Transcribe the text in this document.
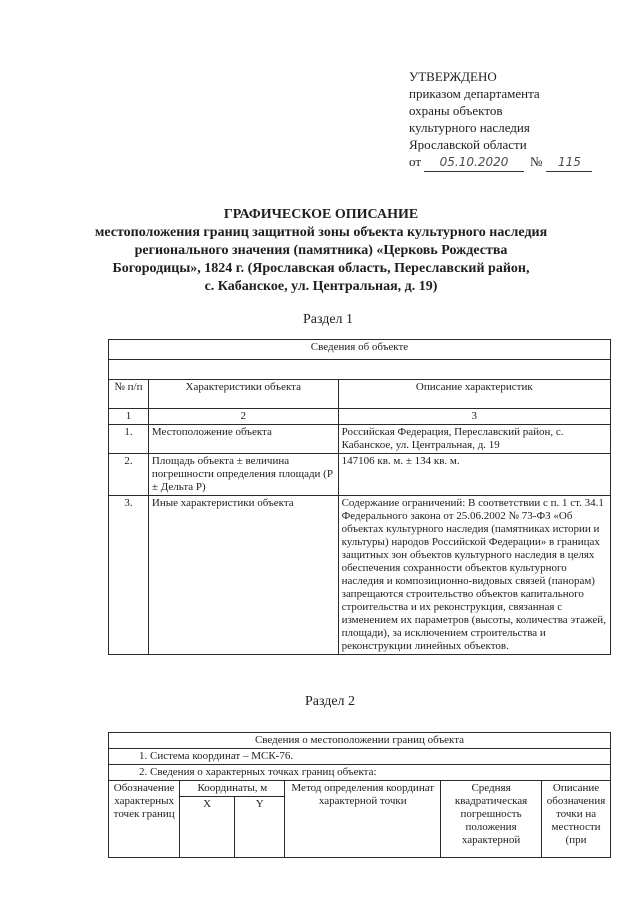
УТВЕРЖДЕНО
приказом департамента
охраны объектов
культурного наследия
Ярославской области
от 05.10.2020 № 115
ГРАФИЧЕСКОЕ ОПИСАНИЕ
местоположения границ защитной зоны объекта культурного наследия
регионального значения (памятника) «Церковь Рождества
Богородицы», 1824 г. (Ярославская область, Переславский район,
с. Кабанское, ул. Центральная, д. 19)
Раздел 1
Сведения об объекте		

№ п/п	Характеристики объекта	Описание характеристик
1	2	3
1.	Местоположение объекта	Российская Федерация, Переславский район, с. Кабанское, ул. Центральная, д. 19
2.	Площадь объекта ± величина погрешности определения площади (P ± Дельта P)	147106 кв. м. ± 134 кв. м.
3.	Иные характеристики объекта	Содержание ограничений: В соответствии с п. 1 ст. 34.1 Федерального закона от 25.06.2002 № 73-ФЗ «Об объектах культурного наследия (памятниках истории и культуры) народов Российской Федерации» в границах защитных зон объектов культурного наследия в целях обеспечения сохранности объектов культурного наследия и композиционно-видовых связей (панорам) запрещаются строительство объектов капитального строительства и их реконструкция, связанная с изменением их параметров (высоты, количества этажей, площади), за исключением строительства и реконструкции линейных объектов.
Раздел 2
Сведения о местоположении границ объекта					
1. Система координат – МСК-76.					
2. Сведения о характерных точках границ объекта:					
Обозначение характерных точек границ	Координаты, м		Метод определения координат характерной точки	Средняя квадратическая погрешность положения характерной	Описание обозначения точки на местности (при
	X	Y			
